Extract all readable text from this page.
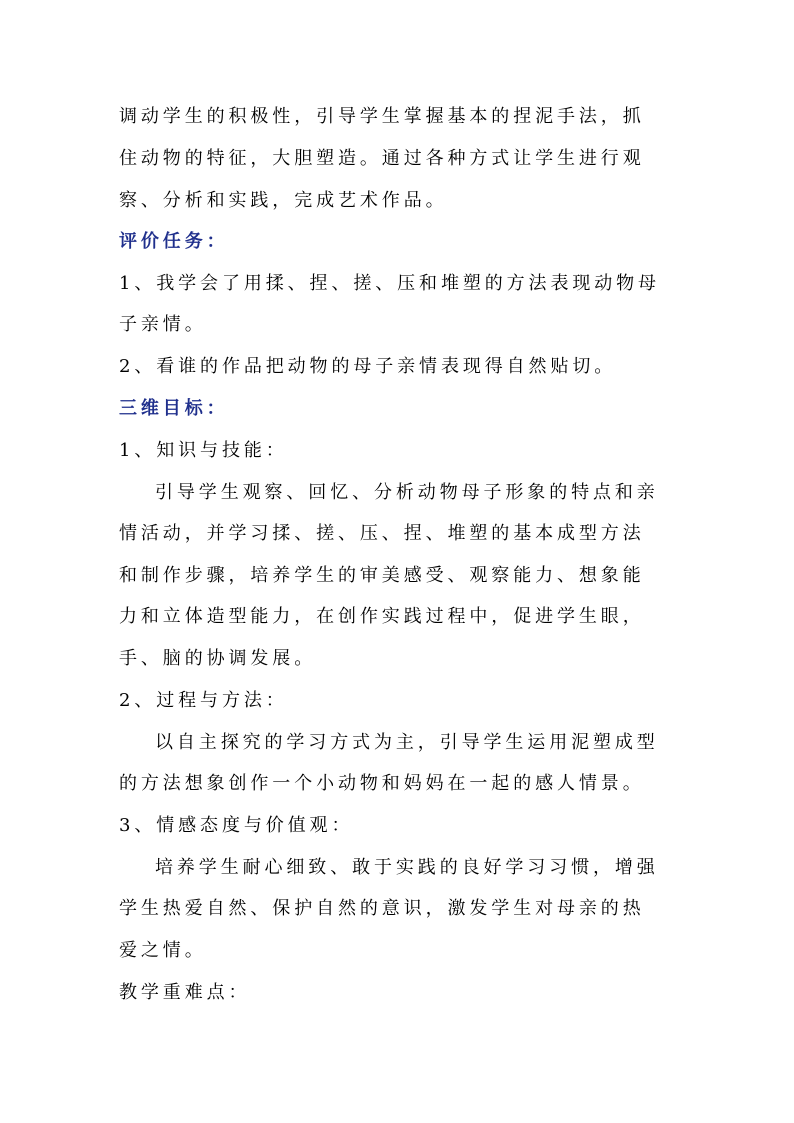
调动学生的积极性，引导学生掌握基本的捏泥手法，抓
住动物的特征，大胆塑造。通过各种方式让学生进行观
察、分析和实践，完成艺术作品。
评价任务：
1、我学会了用揉、捏、搓、压和堆塑的方法表现动物母
子亲情。
2、看谁的作品把动物的母子亲情表现得自然贴切。
三维目标：
1、知识与技能：
引导学生观察、回忆、分析动物母子形象的特点和亲
情活动，并学习揉、搓、压、捏、堆塑的基本成型方法
和制作步骤，培养学生的审美感受、观察能力、想象能
力和立体造型能力，在创作实践过程中，促进学生眼，
手、脑的协调发展。
2、过程与方法：
以自主探究的学习方式为主，引导学生运用泥塑成型
的方法想象创作一个小动物和妈妈在一起的感人情景。
3、情感态度与价值观：
培养学生耐心细致、敢于实践的良好学习习惯，增强
学生热爱自然、保护自然的意识，激发学生对母亲的热
爱之情。
教学重难点：
